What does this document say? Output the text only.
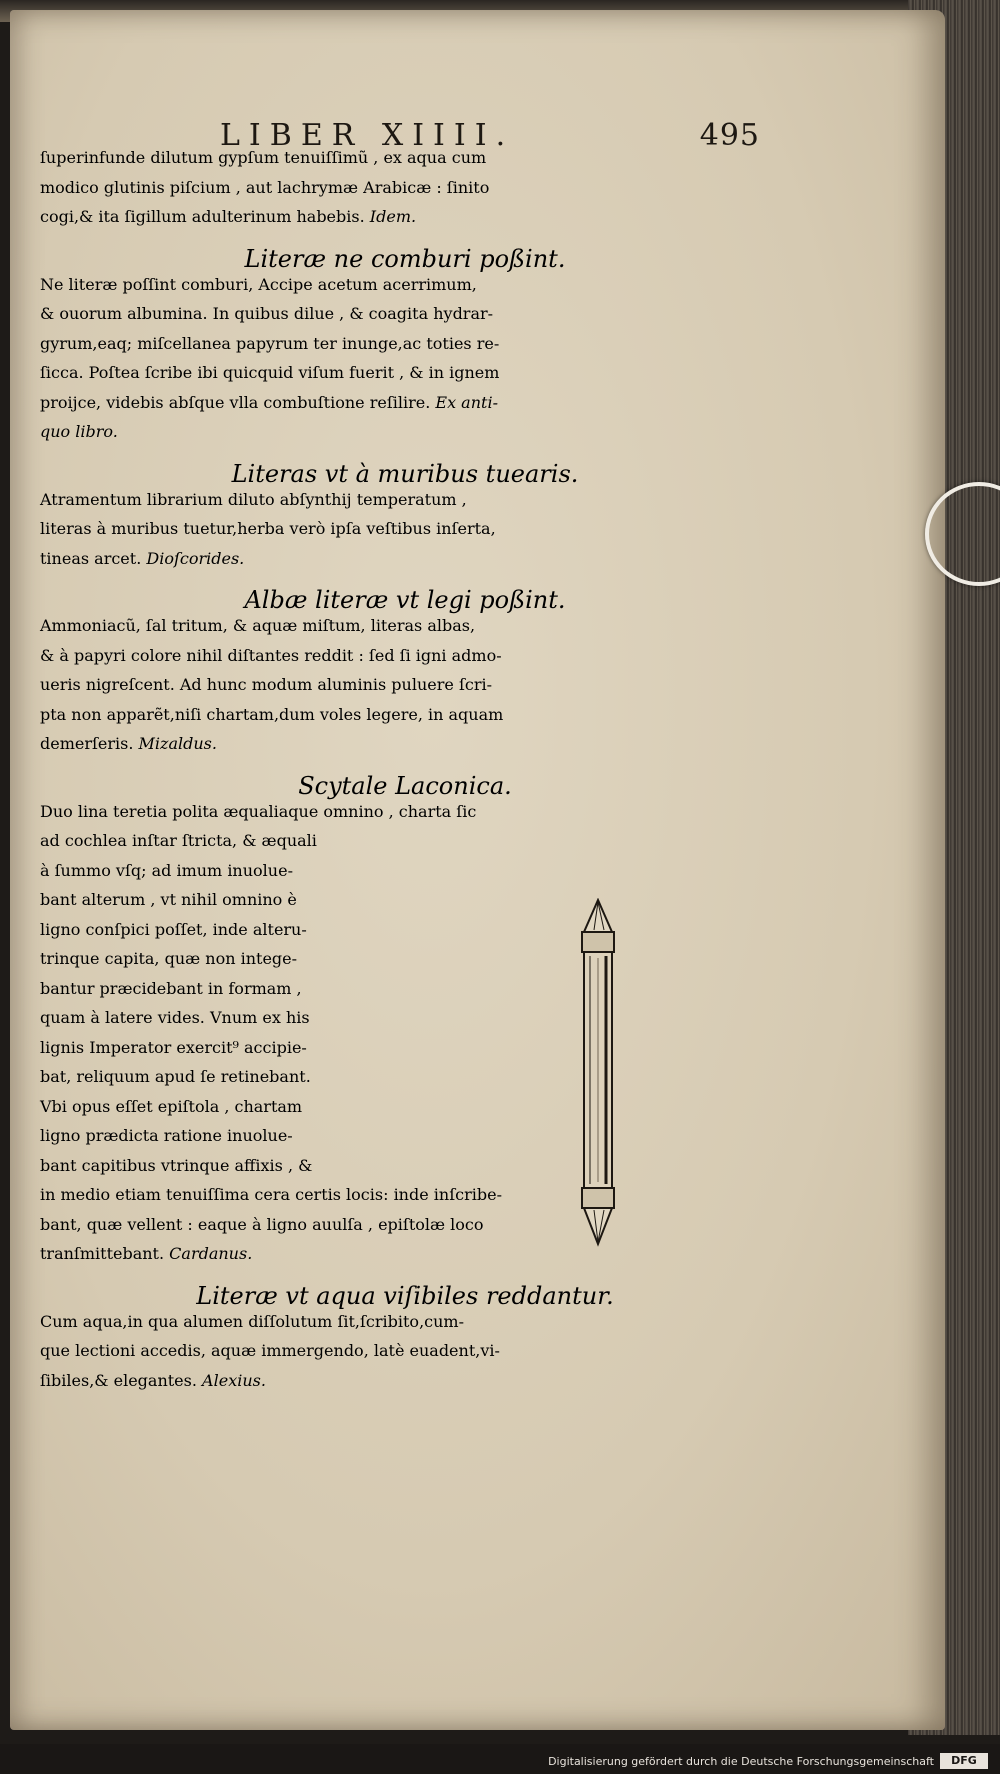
LIBER XIIII.	495
ſuperinfunde dilutum gypſum tenuiſſimũ , ex aqua cum
modico glutinis piſcium , aut lachrymæ Arabicæ : ſinito
cogi,& ita ſigillum adulterinum habebis. Idem.
Literæ ne comburi poßint.
Ne literæ poſſint comburi, Accipe acetum acerrimum,
& ouorum albumina. In quibus dilue , & coagita hydrar-
gyrum,eaq; miſcellanea papyrum ter inunge,ac toties re-
ſicca. Poſtea ſcribe ibi quicquid viſum fuerit , & in ignem
proijce, videbis abſque vlla combuſtione reſilire. Ex anti-
quo libro.
Literas vt à muribus tuearis.
Atramentum librarium diluto abſynthij temperatum ,
literas à muribus tuetur,herba verò ipſa veſtibus inſerta,
tineas arcet. Dioſcorides.
Albæ literæ vt legi poßint.
Ammoniacũ, ſal tritum, & aquæ miſtum, literas albas,
& à papyri colore nihil diſtantes reddit : ſed ſi igni admo-
ueris nigreſcent. Ad hunc modum aluminis puluere ſcri-
pta non apparẽt,niſi chartam,dum voles legere, in aquam
demerſeris. Mizaldus.
Scytale Laconica.
Duo lina teretia polita æqualiaque omnino , charta ſic
ad cochlea inſtar ſtricta, & æquali
à ſummo vſq; ad imum inuolue-
bant alterum , vt nihil omnino è
ligno conſpici poſſet, inde alteru-
trinque capita, quæ non intege-
bantur præcidebant in formam ,
quam à latere vides. Vnum ex his
lignis Imperator exercit⁹ accipie-
bat, reliquum apud ſe retinebant.
Vbi opus eſſet epiſtola , chartam
ligno prædicta ratione inuolue-
bant capitibus vtrinque affixis , &
in medio etiam tenuiſſima cera certis locis: inde inſcribe-
bant, quæ vellent : eaque à ligno auulſa , epiſtolæ loco
tranſmittebant. Cardanus.
Literæ vt aqua viſibiles reddantur.
Cum aqua,in qua alumen diſſolutum ſit,ſcribito,cum-
que lectioni accedis, aquæ immergendo, latè euadent,vi-
ſibiles,& elegantes. Alexius.
Digitalisierung gefördert durch die Deutsche Forschungsgemeinschaft	DFG
